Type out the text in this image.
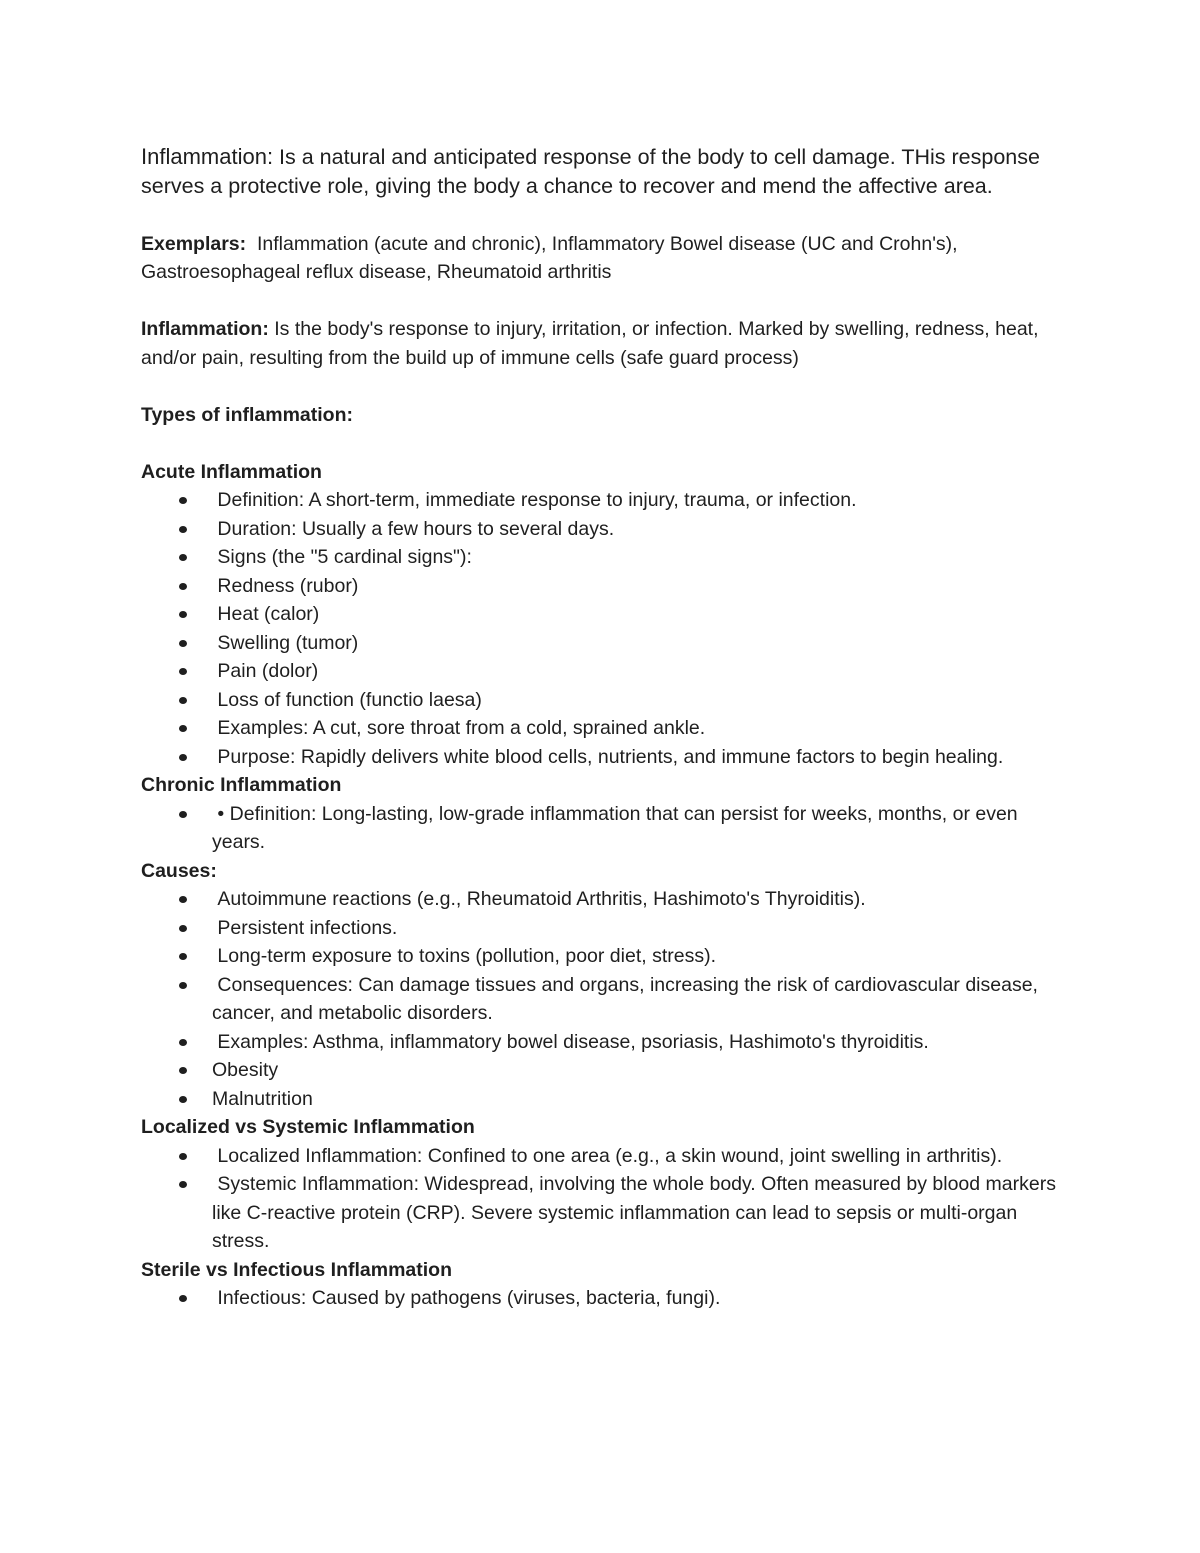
Inflammation: Is a natural and anticipated response of the body to cell damage. THis response serves a protective role, giving the body a chance to recover and mend the affective area.

Exemplars:  Inflammation (acute and chronic), Inflammatory Bowel disease (UC and Crohn's), Gastroesophageal reflux disease, Rheumatoid arthritis

Inflammation: Is the body's response to injury, irritation, or infection. Marked by swelling, redness, heat, and/or pain, resulting from the build up of immune cells (safe guard process)

Types of inflammation:

Acute Inflammation

Definition: A short-term, immediate response to injury, trauma, or infection.
Duration: Usually a few hours to several days.
Signs (the "5 cardinal signs"):
Redness (rubor)
Heat (calor)
Swelling (tumor)
Pain (dolor)
Loss of function (functio laesa)
Examples: A cut, sore throat from a cold, sprained ankle.
Purpose: Rapidly delivers white blood cells, nutrients, and immune factors to begin healing.

Chronic Inflammation

• Definition: Long-lasting, low-grade inflammation that can persist for weeks, months, or even years.

Causes:

Autoimmune reactions (e.g., Rheumatoid Arthritis, Hashimoto's Thyroiditis).
Persistent infections.
Long-term exposure to toxins (pollution, poor diet, stress).
Consequences: Can damage tissues and organs, increasing the risk of cardiovascular disease, cancer, and metabolic disorders.
Examples: Asthma, inflammatory bowel disease, psoriasis, Hashimoto's thyroiditis.
Obesity
Malnutrition

Localized vs Systemic Inflammation

Localized Inflammation: Confined to one area (e.g., a skin wound, joint swelling in arthritis).
Systemic Inflammation: Widespread, involving the whole body. Often measured by blood markers like C-reactive protein (CRP). Severe systemic inflammation can lead to sepsis or multi-organ stress.

Sterile vs Infectious Inflammation

Infectious: Caused by pathogens (viruses, bacteria, fungi).
